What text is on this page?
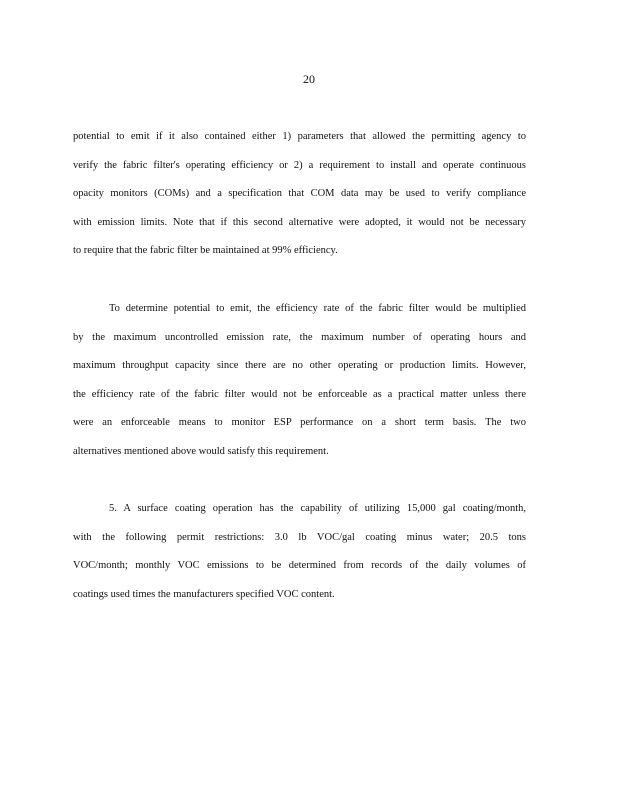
20
potential to emit if it also contained either 1) parameters that allowed the permitting agency to
verify the fabric filter's operating efficiency or 2) a requirement to install and operate continuous
opacity monitors (COMs) and a specification that COM data may be used to verify compliance
with emission limits. Note that if this second alternative were adopted, it would not be necessary
to require that the fabric filter be maintained at 99% efficiency.
To determine potential to emit, the efficiency rate of the fabric filter would be multiplied
by the maximum uncontrolled emission rate, the maximum number of operating hours and
maximum throughput capacity since there are no other operating or production limits. However,
the efficiency rate of the fabric filter would not be enforceable as a practical matter unless there
were an enforceable means to monitor ESP performance on a short term basis. The two
alternatives mentioned above would satisfy this requirement.
5. A surface coating operation has the capability of utilizing 15,000 gal coating/month,
with the following permit restrictions: 3.0 lb VOC/gal coating minus water; 20.5 tons
VOC/month; monthly VOC emissions to be determined from records of the daily volumes of
coatings used times the manufacturers specified VOC content.
